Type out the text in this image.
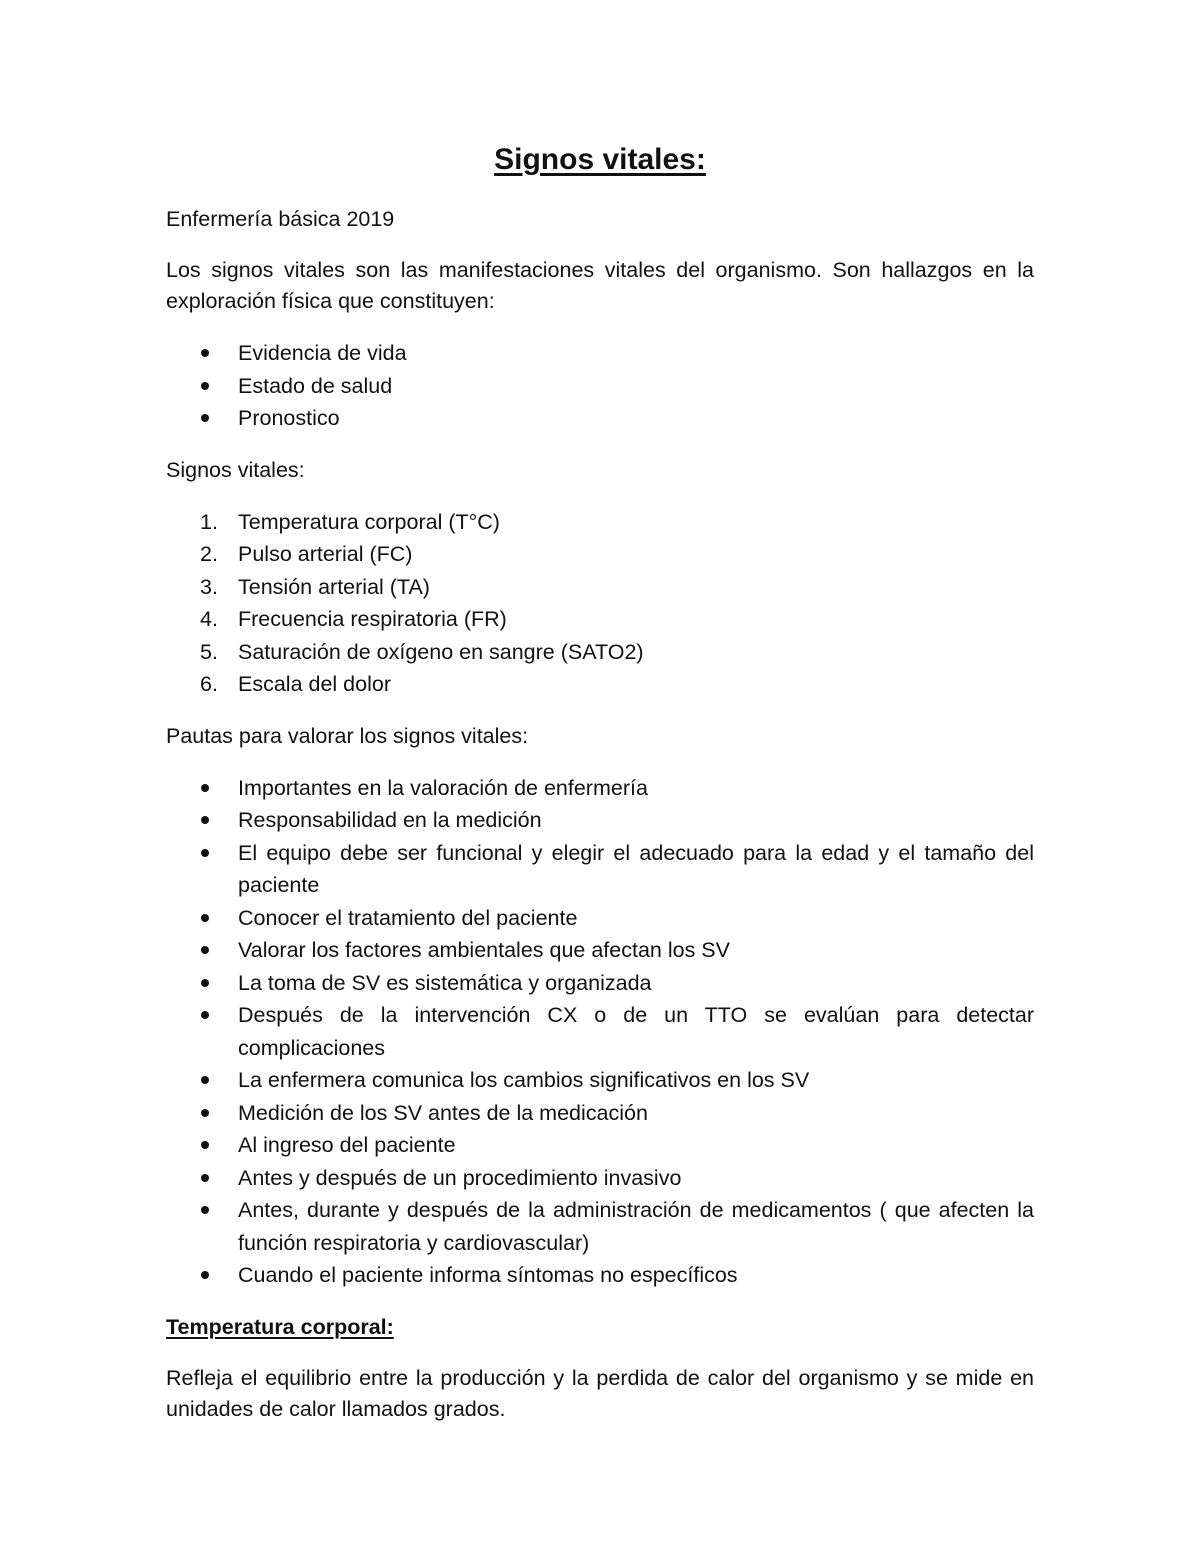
Signos vitales:

Enfermería básica 2019

Los signos vitales son las manifestaciones vitales del organismo. Son hallazgos en la exploración física que constituyen:

Evidencia de vida
Estado de salud
Pronostico

Signos vitales:

1. Temperatura corporal (T°C)
2. Pulso arterial (FC)
3. Tensión arterial (TA)
4. Frecuencia respiratoria (FR)
5. Saturación de oxígeno en sangre (SATO2)
6. Escala del dolor

Pautas para valorar los signos vitales:

Importantes en la valoración de enfermería
Responsabilidad en la medición
El equipo debe ser funcional y elegir el adecuado para la edad y el tamaño del paciente
Conocer el tratamiento del paciente
Valorar los factores ambientales que afectan los SV
La toma de SV es sistemática y organizada
Después de la intervención CX o de un TTO se evalúan para detectar complicaciones
La enfermera comunica los cambios significativos en los SV
Medición de los SV antes de la medicación
Al ingreso del paciente
Antes y después de un procedimiento invasivo
Antes, durante y después de la administración de medicamentos ( que afecten la función respiratoria y cardiovascular)
Cuando el paciente informa síntomas no específicos

Temperatura corporal:

Refleja el equilibrio entre la producción y la perdida de calor del organismo y se mide en unidades de calor llamados grados.
